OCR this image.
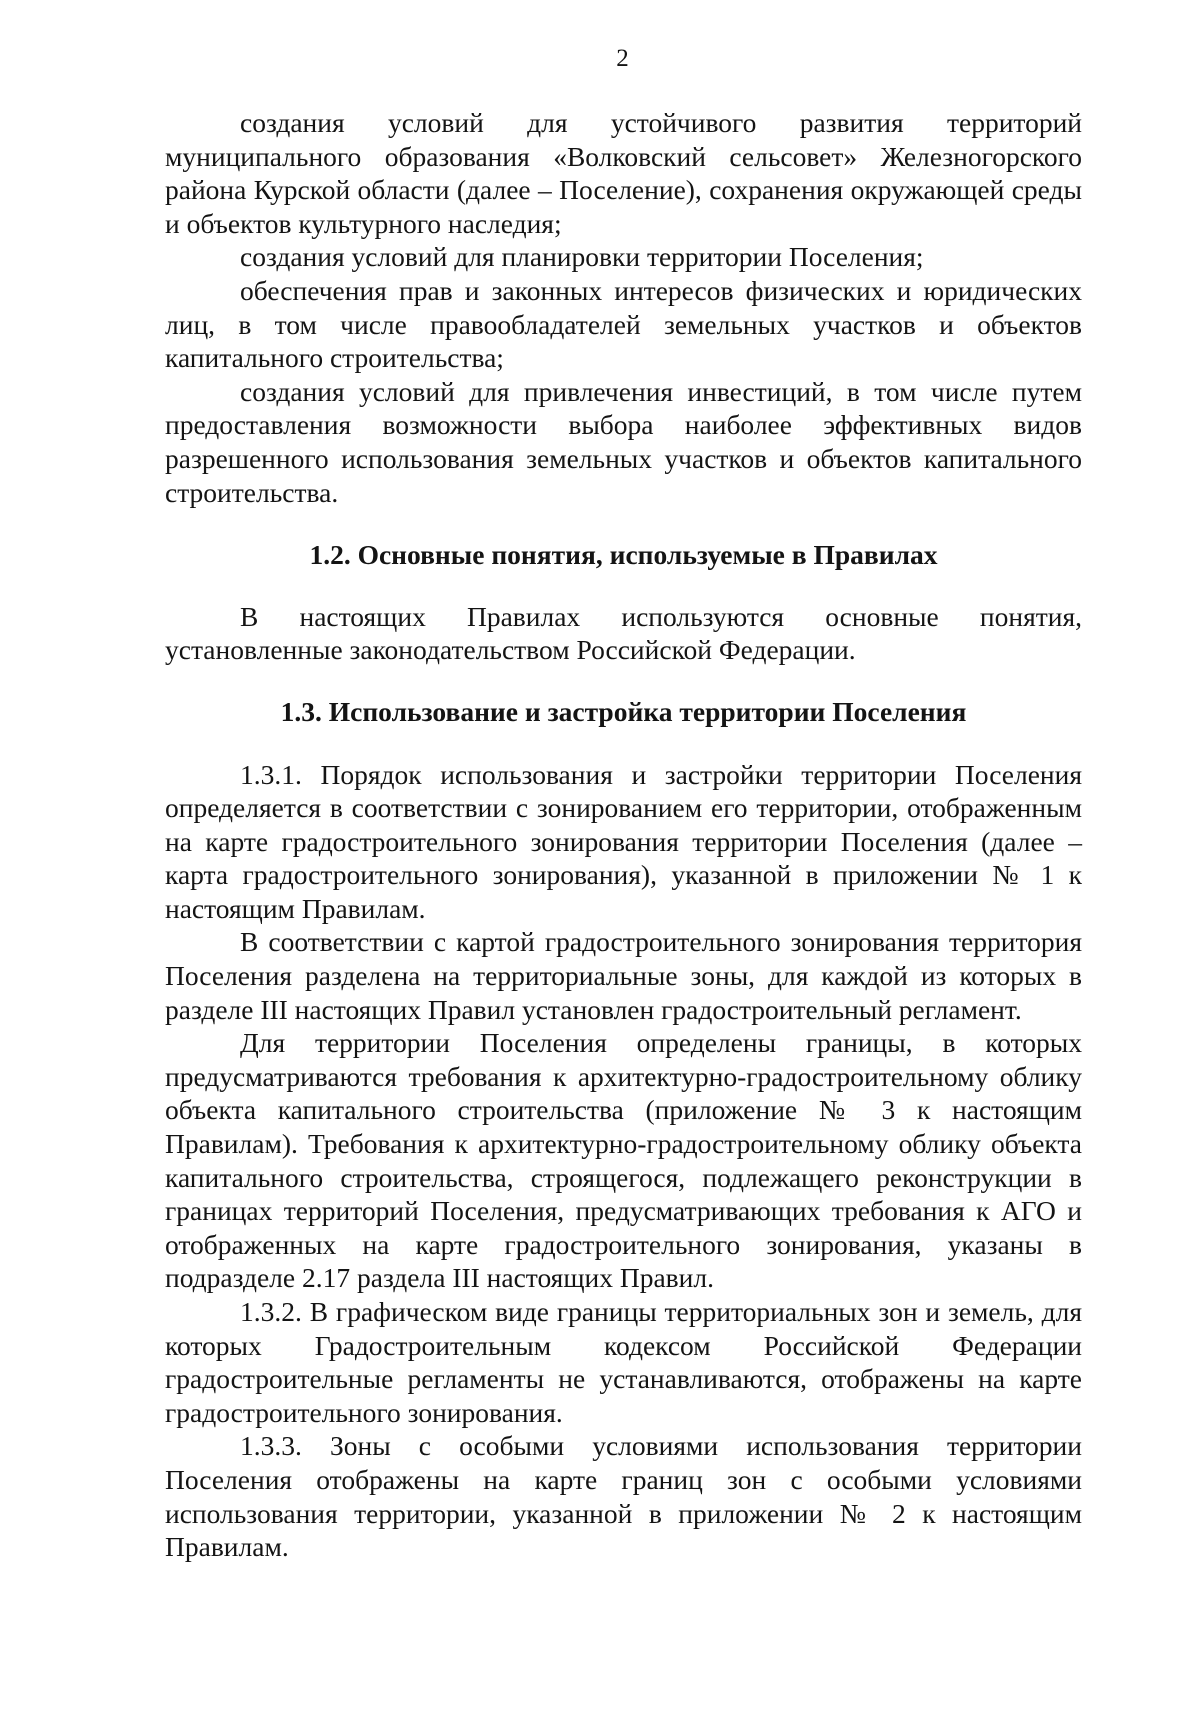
2

создания условий для устойчивого развития территорий муниципального образования «Волковский сельсовет» Железногорского района Курской области (далее – Поселение), сохранения окружающей среды и объектов культурного наследия;

создания условий для планировки территории Поселения;

обеспечения прав и законных интересов физических и юридических лиц, в том числе правообладателей земельных участков и объектов капитального строительства;

создания условий для привлечения инвестиций, в том числе путем предоставления возможности выбора наиболее эффективных видов разрешенного использования земельных участков и объектов капитального строительства.

1.2. Основные понятия, используемые в Правилах

В настоящих Правилах используются основные понятия, установленные законодательством Российской Федерации.

1.3. Использование и застройка территории Поселения

1.3.1. Порядок использования и застройки территории Поселения определяется в соответствии с зонированием его территории, отображенным на карте градостроительного зонирования территории Поселения (далее – карта градостроительного зонирования), указанной в приложении № 1 к настоящим Правилам.

В соответствии с картой градостроительного зонирования территория Поселения разделена на территориальные зоны, для каждой из которых в разделе III настоящих Правил установлен градостроительный регламент.

Для территории Поселения определены границы, в которых предусматриваются требования к архитектурно-градостроительному облику объекта капитального строительства (приложение № 3 к настоящим Правилам). Требования к архитектурно-градостроительному облику объекта капитального строительства, строящегося, подлежащего реконструкции в границах территорий Поселения, предусматривающих требования к АГО и отображенных на карте градостроительного зонирования, указаны в подразделе 2.17 раздела III настоящих Правил.

1.3.2. В графическом виде границы территориальных зон и земель, для которых Градостроительным кодексом Российской Федерации градостроительные регламенты не устанавливаются, отображены на карте градостроительного зонирования.

1.3.3. Зоны с особыми условиями использования территории Поселения отображены на карте границ зон с особыми условиями использования территории, указанной в приложении № 2 к настоящим Правилам.
